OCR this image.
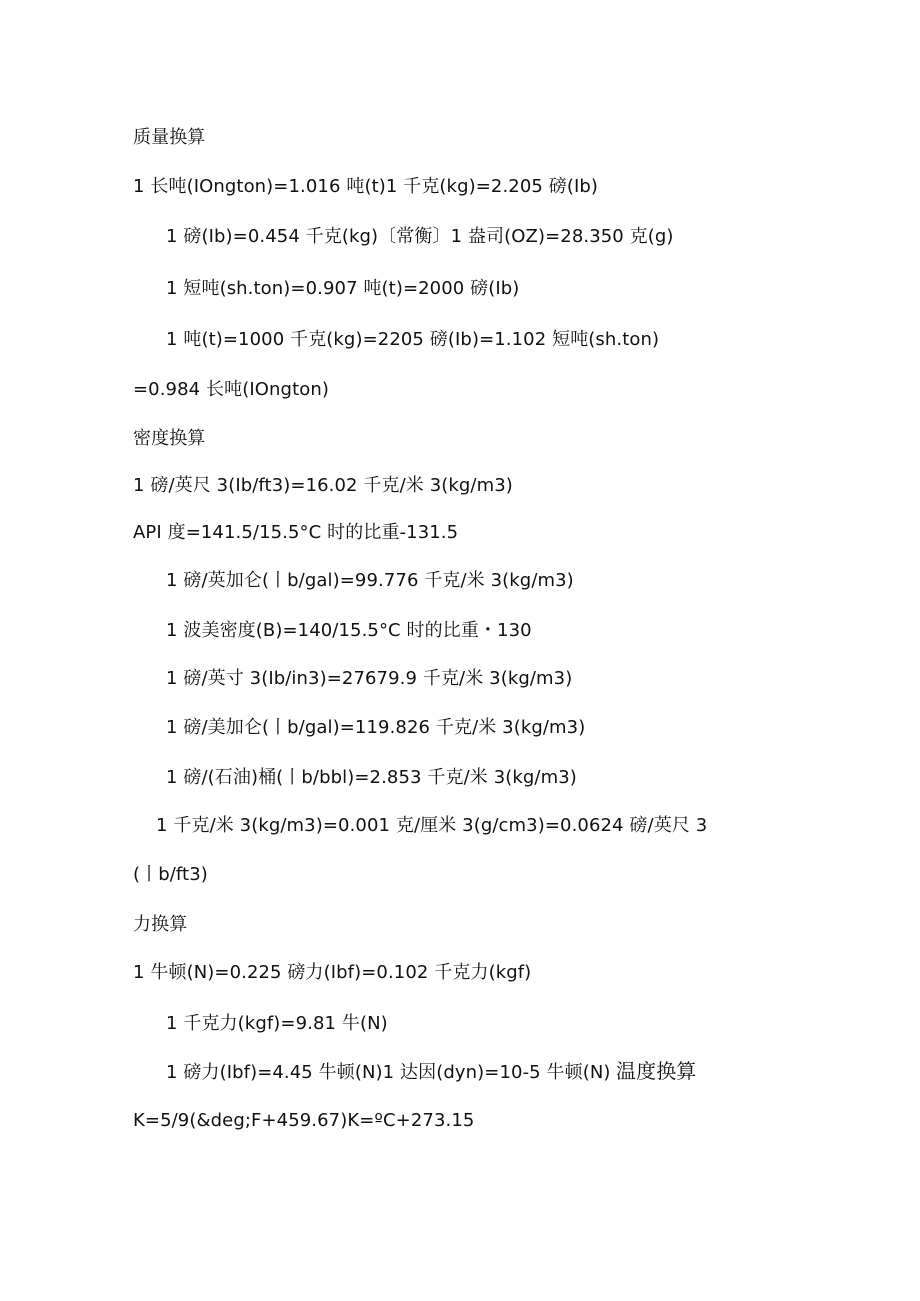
质量换算
1 长吨(IOngton)=1.016 吨(t)1 千克(kg)=2.205 磅(Ib)
1 磅(Ib)=0.454 千克(kg)〔常衡〕1 盎司(OZ)=28.350 克(g)
1 短吨(sh.ton)=0.907 吨(t)=2000 磅(Ib)
1 吨(t)=1000 千克(kg)=2205 磅(Ib)=1.102 短吨(sh.ton)
=0.984 长吨(IOngton)
密度换算
1 磅/英尺 3(Ib/ft3)=16.02 千克/米 3(kg/m3)
API 度=141.5/15.5°C 时的比重-131.5
1 磅/英加仑(丨b/gal)=99.776 千克/米 3(kg/m3)
1 波美密度(B)=140/15.5°C 时的比重・130
1 磅/英寸 3(Ib/in3)=27679.9 千克/米 3(kg/m3)
1 磅/美加仑(丨b/gal)=119.826 千克/米 3(kg/m3)
1 磅/(石油)桶(丨b/bbl)=2.853 千克/米 3(kg/m3)
1 千克/米 3(kg/m3)=0.001 克/厘米 3(g/cm3)=0.0624 磅/英尺 3
(丨b/ft3)
力换算
1 牛顿(N)=0.225 磅力(Ibf)=0.102 千克力(kgf)
1 千克力(kgf)=9.81 牛(N)
1 磅力(Ibf)=4.45 牛顿(N)1 达因(dyn)=10-5 牛顿(N) 温度换算
K=5/9(&deg;F+459.67)K=ºC+273.15
